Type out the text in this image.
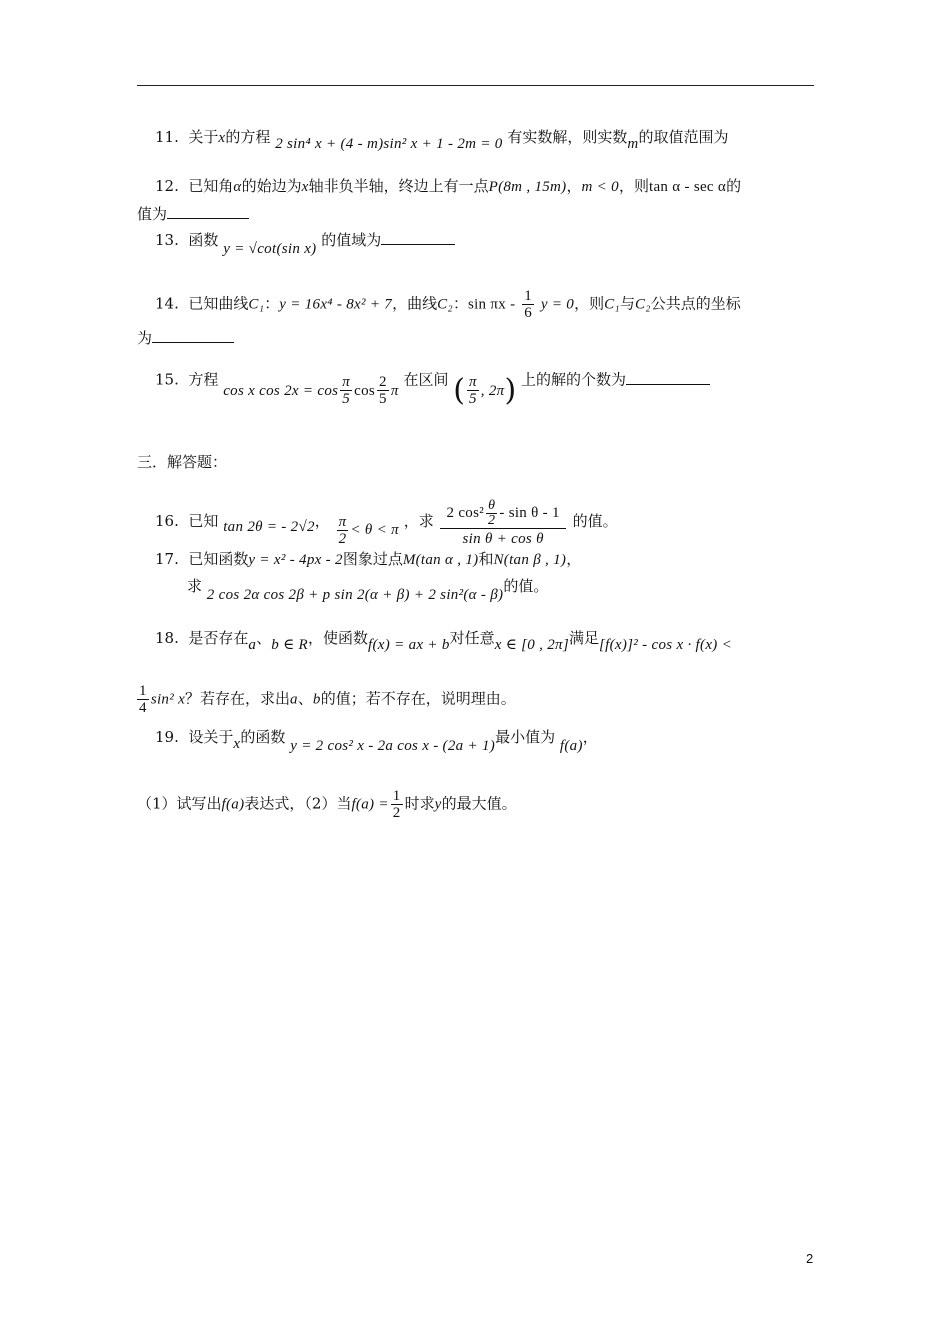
11. 关于x的方程 2 sin⁴ x + (4 - m)sin² x + 1 - 2m = 0 有实数解，则实数m的取值范围为
12. 已知角α的始边为x轴非负半轴，终边上有一点P(8m , 15m)，m < 0，则tan α - sec α的
值为
13. 函数 y = √cot(sin x) 的值域为
14. 已知曲线C₁：y = 16x⁴ - 8x² + 7，曲线C₂：sin πx - $\frac{1}{6}$ y = 0，则C₁与C₂公共点的坐标
为
15. 方程 cos x $\cos 2x = \cos \frac{\pi}{5}$ $\cos \frac{2}{5}$ π 在区间 ( $\frac{\pi}{5}$ , 2π) 上的解的个数为
三．解答题：
16. 已知 tan 2θ = - 2√2， $\frac{\pi}{2} < \theta < \pi$ ，求 $\frac{2 \cos^2 \frac{\theta}{2} - \sin \theta - 1}{\text{sin θ + cos θ}}$ 的值。
17. 已知函数y = x² - 4px - 2图象过点M(tan α , 1)和N(tan β , 1)，
求 2 cos 2α cos 2β + p sin 2(α + β) + 2 sin²(α - β)的值。
18. 是否存在a、b ∈ R，使函数f(x) = ax + b对任意x ∈ [0 , 2π]满足[f(x)]² - cos x · f(x) <
$\frac{1}{4} \sin^2$ x？若存在，求出a、b的值；若不存在，说明理由。
19. 设关于x的函数 y = 2 cos² x - 2a cos x - (2a + 1)最小值为 f(a)，
（1）试写出f(a)表达式，（2）当$f(a) = \frac{1}{2}$ 时求y的最大值。
2
